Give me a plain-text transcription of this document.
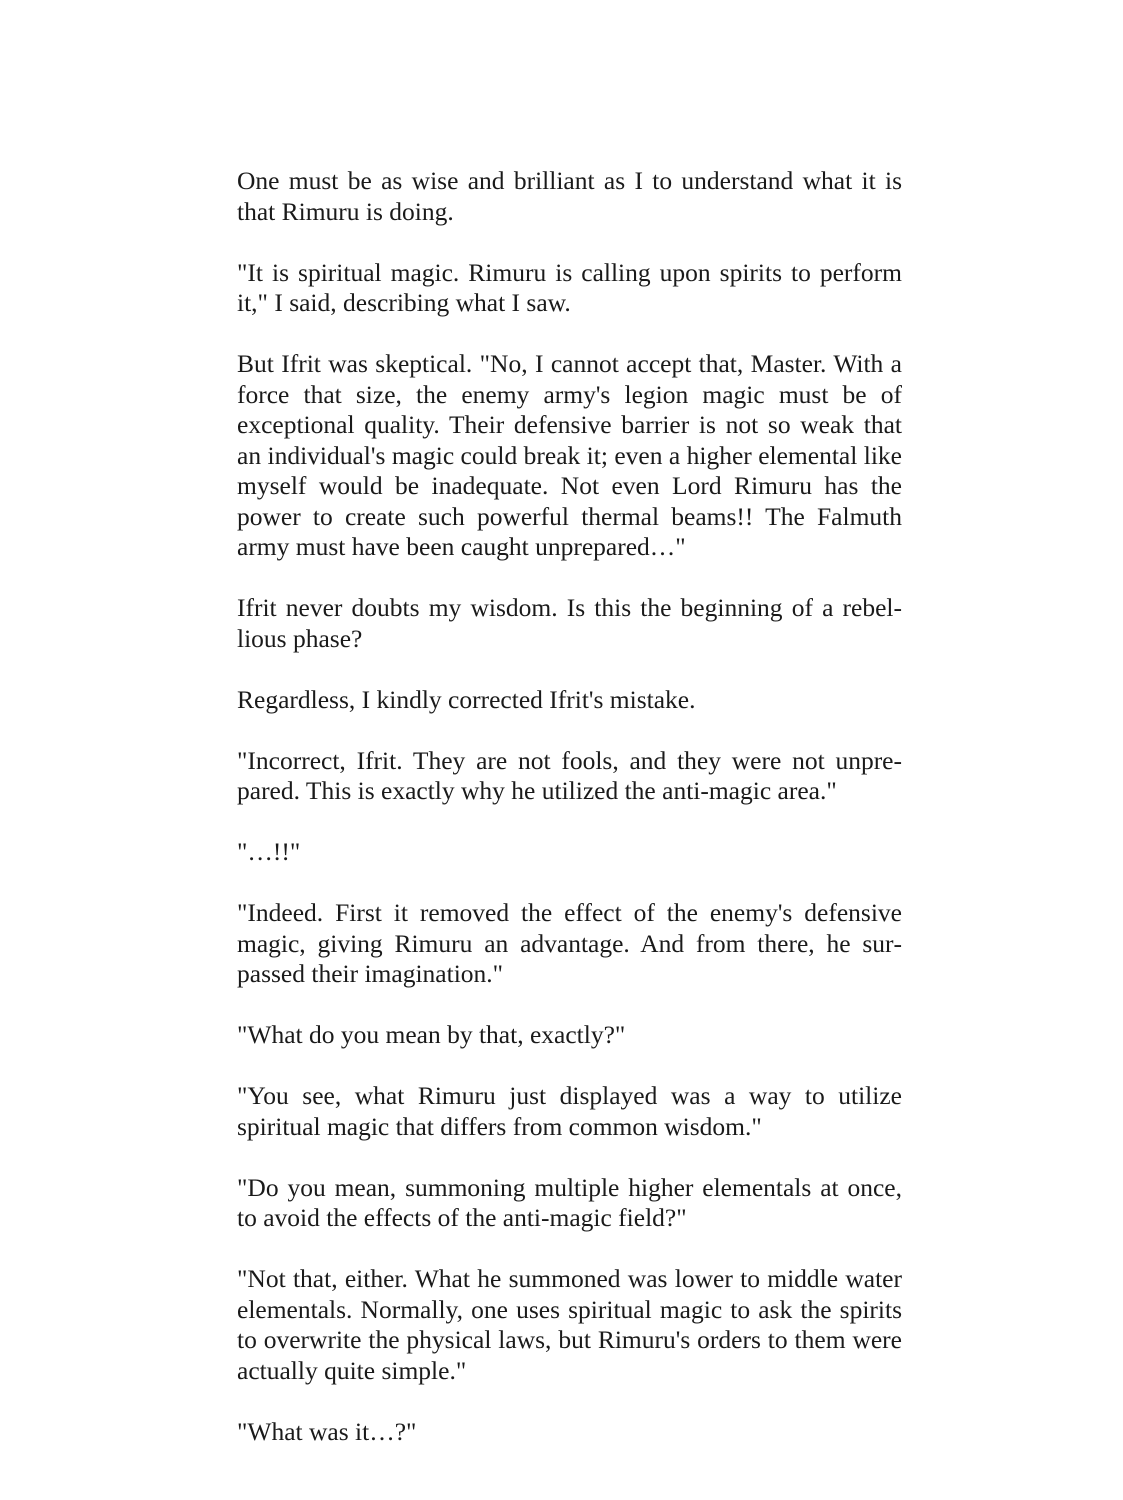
One must be as wise and brilliant as I to understand what it is that Rimuru is doing.

"It is spiritual magic. Rimuru is calling upon spirits to perform it," I said, describing what I saw.

But Ifrit was skeptical. "No, I cannot accept that, Master. With a force that size, the enemy army's legion magic must be of exceptional quality. Their defensive barrier is not so weak that an individual's magic could break it; even a higher elemental like myself would be inadequate. Not even Lord Rimuru has the power to create such powerful thermal beams!! The Falmuth army must have been caught unprepared…"

Ifrit never doubts my wisdom. Is this the beginning of a rebellious phase?

Regardless, I kindly corrected Ifrit's mistake.

"Incorrect, Ifrit. They are not fools, and they were not unprepared. This is exactly why he utilized the anti-magic area."

"…!!"

"Indeed. First it removed the effect of the enemy's defensive magic, giving Rimuru an advantage. And from there, he surpassed their imagination."

"What do you mean by that, exactly?"

"You see, what Rimuru just displayed was a way to utilize spiritual magic that differs from common wisdom."

"Do you mean, summoning multiple higher elementals at once, to avoid the effects of the anti-magic field?"

"Not that, either. What he summoned was lower to middle water elementals. Normally, one uses spiritual magic to ask the spirits to overwrite the physical laws, but Rimuru's orders to them were actually quite simple."

"What was it…?"
